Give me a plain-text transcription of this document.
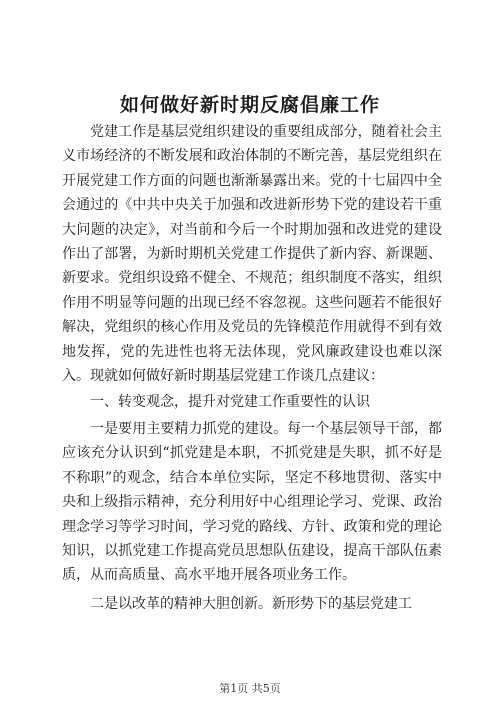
如何做好新时期反腐倡廉工作

党建工作是基层党组织建设的重要组成部分，随着社会主义市场经济的不断发展和政治体制的不断完善，基层党组织在开展党建工作方面的问题也渐渐暴露出来。党的十七届四中全会通过的《中共中央关于加强和改进新形势下党的建设若干重大问题的决定》，对当前和今后一个时期加强和改进党的建设作出了部署，为新时期机关党建工作提供了新内容、新课题、新要求。党组织设臵不健全、不规范；组织制度不落实，组织作用不明显等问题的出现已经不容忽视。这些问题若不能很好解决，党组织的核心作用及党员的先锋模范作用就得不到有效地发挥，党的先进性也将无法体现，党风廉政建设也难以深入。现就如何做好新时期基层党建工作谈几点建议：

一、转变观念，提升对党建工作重要性的认识

一是要用主要精力抓党的建设。每一个基层领导干部，都应该充分认识到“抓党建是本职，不抓党建是失职，抓不好是不称职”的观念，结合本单位实际，坚定不移地贯彻、落实中央和上级指示精神，充分利用好中心组理论学习、党课、政治理念学习等学习时间，学习党的路线、方针、政策和党的理论知识，以抓党建工作提高党员思想队伍建设，提高干部队伍素质，从而高质量、高水平地开展各项业务工作。

二是以改革的精神大胆创新。新形势下的基层党建工

第1页 共5页
